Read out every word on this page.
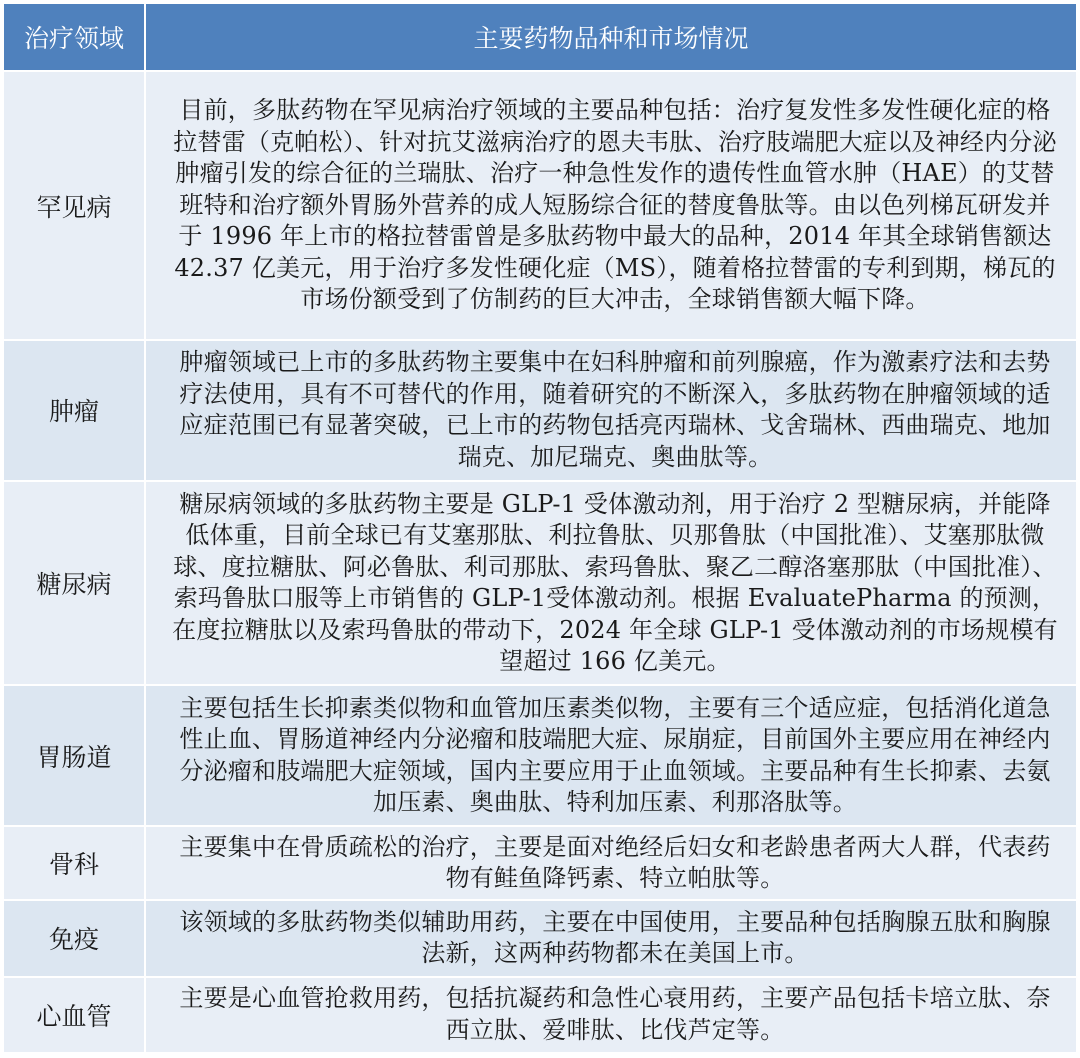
治疗领域	主要药物品种和市场情况
罕见病	目前，多肽药物在罕见病治疗领域的主要品种包括：治疗复发性多发性硬化症的格拉替雷（克帕松）、针对抗艾滋病治疗的恩夫韦肽、治疗肢端肥大症以及神经内分泌肿瘤引发的综合征的兰瑞肽、治疗一种急性发作的遗传性血管水肿（HAE）的艾替班特和治疗额外胃肠外营养的成人短肠综合征的替度鲁肽等。由以色列梯瓦研发并于 1996 年上市的格拉替雷曾是多肽药物中最大的品种，2014 年其全球销售额达 42.37 亿美元，用于治疗多发性硬化症（MS），随着格拉替雷的专利到期，梯瓦的市场份额受到了仿制药的巨大冲击，全球销售额大幅下降。
肿瘤	肿瘤领域已上市的多肽药物主要集中在妇科肿瘤和前列腺癌，作为激素疗法和去势疗法使用，具有不可替代的作用，随着研究的不断深入，多肽药物在肿瘤领域的适应症范围已有显著突破，已上市的药物包括亮丙瑞林、戈舍瑞林、西曲瑞克、地加瑞克、加尼瑞克、奥曲肽等。
糖尿病	糖尿病领域的多肽药物主要是 GLP-1 受体激动剂，用于治疗 2 型糖尿病，并能降低体重，目前全球已有艾塞那肽、利拉鲁肽、贝那鲁肽（中国批准）、艾塞那肽微球、度拉糖肽、阿必鲁肽、利司那肽、索玛鲁肽、聚乙二醇洛塞那肽（中国批准）、索玛鲁肽口服等上市销售的 GLP-1受体激动剂。根据 EvaluatePharma 的预测，在度拉糖肽以及索玛鲁肽的带动下，2024 年全球 GLP-1 受体激动剂的市场规模有望超过 166 亿美元。
胃肠道	主要包括生长抑素类似物和血管加压素类似物，主要有三个适应症，包括消化道急性止血、胃肠道神经内分泌瘤和肢端肥大症、尿崩症，目前国外主要应用在神经内分泌瘤和肢端肥大症领域，国内主要应用于止血领域。主要品种有生长抑素、去氨加压素、奥曲肽、特利加压素、利那洛肽等。
骨科	主要集中在骨质疏松的治疗，主要是面对绝经后妇女和老龄患者两大人群，代表药物有鲑鱼降钙素、特立帕肽等。
免疫	该领域的多肽药物类似辅助用药，主要在中国使用，主要品种包括胸腺五肽和胸腺法新，这两种药物都未在美国上市。
心血管	主要是心血管抢救用药，包括抗凝药和急性心衰用药，主要产品包括卡培立肽、奈西立肽、爱啡肽、比伐芦定等。
